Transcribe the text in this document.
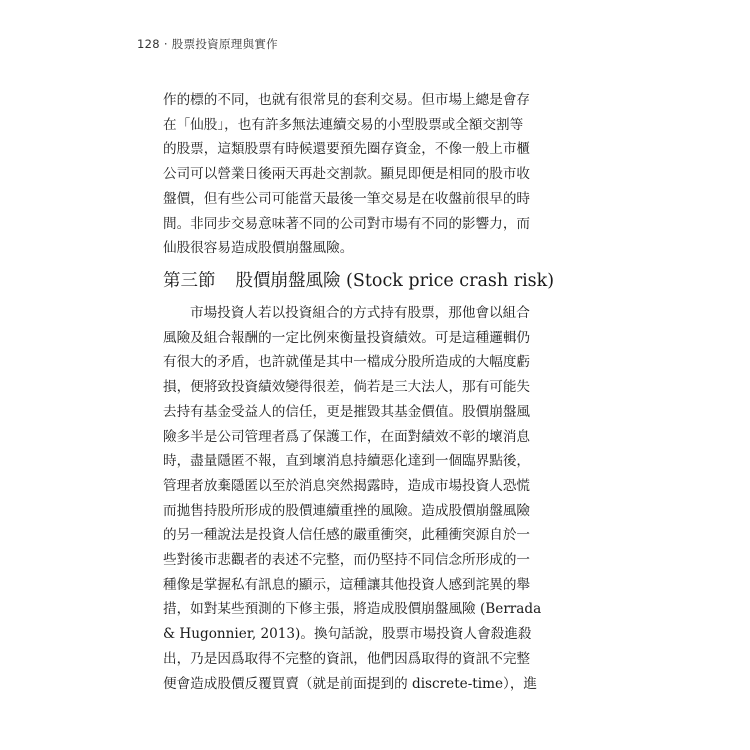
128 · 股票投資原理與實作
作的標的不同，也就有很常見的套利交易。但市場上總是會存
在「仙股」，也有許多無法連續交易的小型股票或全額交割等
的股票，這類股票有時候還要預先圈存資金，不像一般上市櫃
公司可以營業日後兩天再赴交割款。顯見即便是相同的股市收
盤價，但有些公司可能當天最後一筆交易是在收盤前很早的時
間。非同步交易意味著不同的公司對市場有不同的影響力，而
仙股很容易造成股價崩盤風險。
第三節 股價崩盤風險 (Stock price crash risk)
市場投資人若以投資組合的方式持有股票，那他會以組合
風險及組合報酬的一定比例來衡量投資績效。可是這種邏輯仍
有很大的矛盾，也許就僅是其中一檔成分股所造成的大幅度虧
損，便將致投資績效變得很差，倘若是三大法人，那有可能失
去持有基金受益人的信任，更是摧毀其基金價值。股價崩盤風
險多半是公司管理者爲了保護工作，在面對績效不彰的壞消息
時，盡量隱匿不報，直到壞消息持續惡化達到一個臨界點後，
管理者放棄隱匿以至於消息突然揭露時，造成市場投資人恐慌
而拋售持股所形成的股價連續重挫的風險。造成股價崩盤風險
的另一種說法是投資人信任感的嚴重衝突，此種衝突源自於一
些對後市悲觀者的表述不完整，而仍堅持不同信念所形成的一
種像是掌握私有訊息的顯示，這種讓其他投資人感到詫異的舉
措，如對某些預測的下修主張，將造成股價崩盤風險 (Berrada
& Hugonnier, 2013)。換句話說，股票市場投資人會殺進殺
出，乃是因爲取得不完整的資訊，他們因爲取得的資訊不完整
便會造成股價反覆買賣（就是前面提到的 discrete-time），進
